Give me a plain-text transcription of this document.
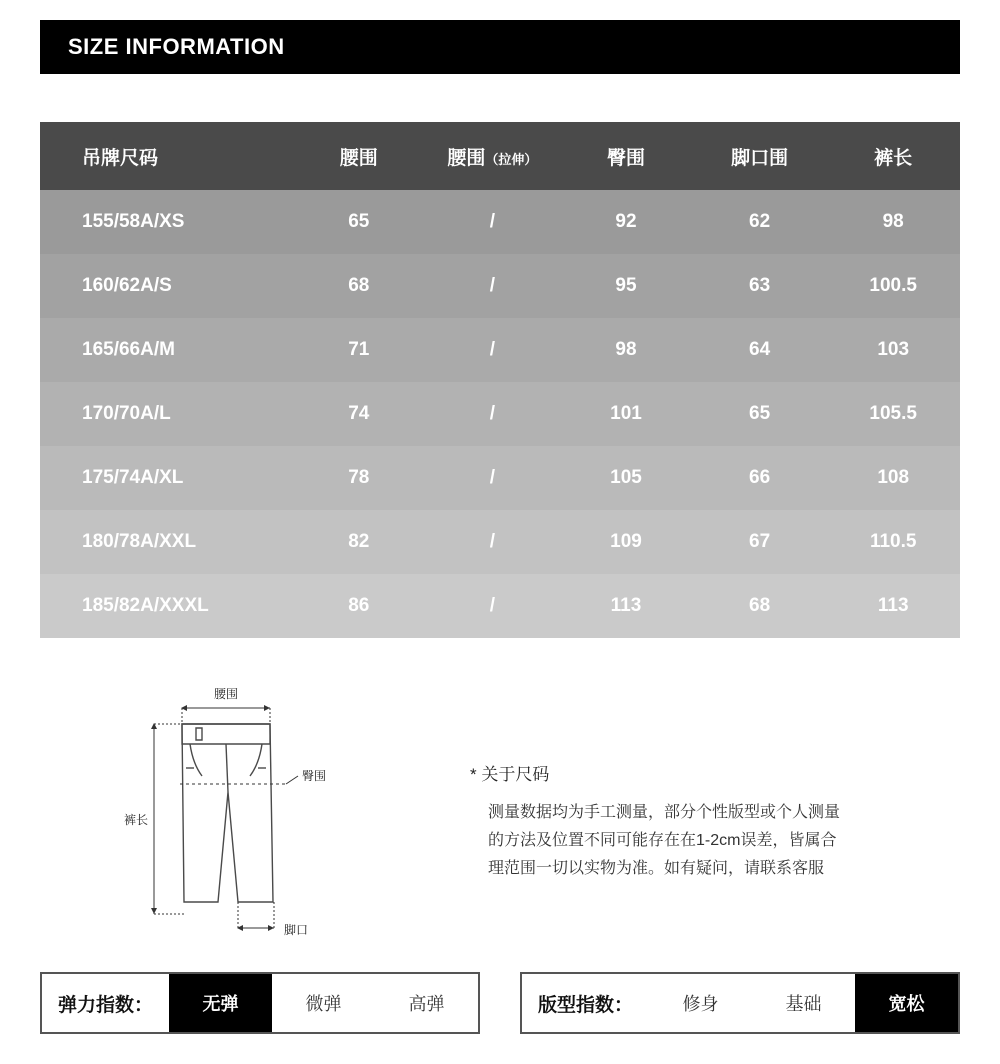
SIZE INFORMATION
吊牌尺码	腰围	腰围（拉伸）	臀围	脚口围	裤长

155/58A/XS	65	/	92	62	98

160/62A/S	68	/	95	63	100.5

165/66A/M	71	/	98	64	103

170/70A/L	74	/	101	65	105.5

175/74A/XL	78	/	105	66	108

180/78A/XXL	82	/	109	67	110.5

185/82A/XXXL	86	/	113	68	113
腰围
臀围
裤长
脚口
* 关于尺码
测量数据均为手工测量，部分个性版型或个人测量
的方法及位置不同可能存在在1-2cm误差，皆属合
理范围一切以实物为准。如有疑问，请联系客服
弹力指数：	无弹	微弹	高弹	版型指数：	修身	基础	宽松
